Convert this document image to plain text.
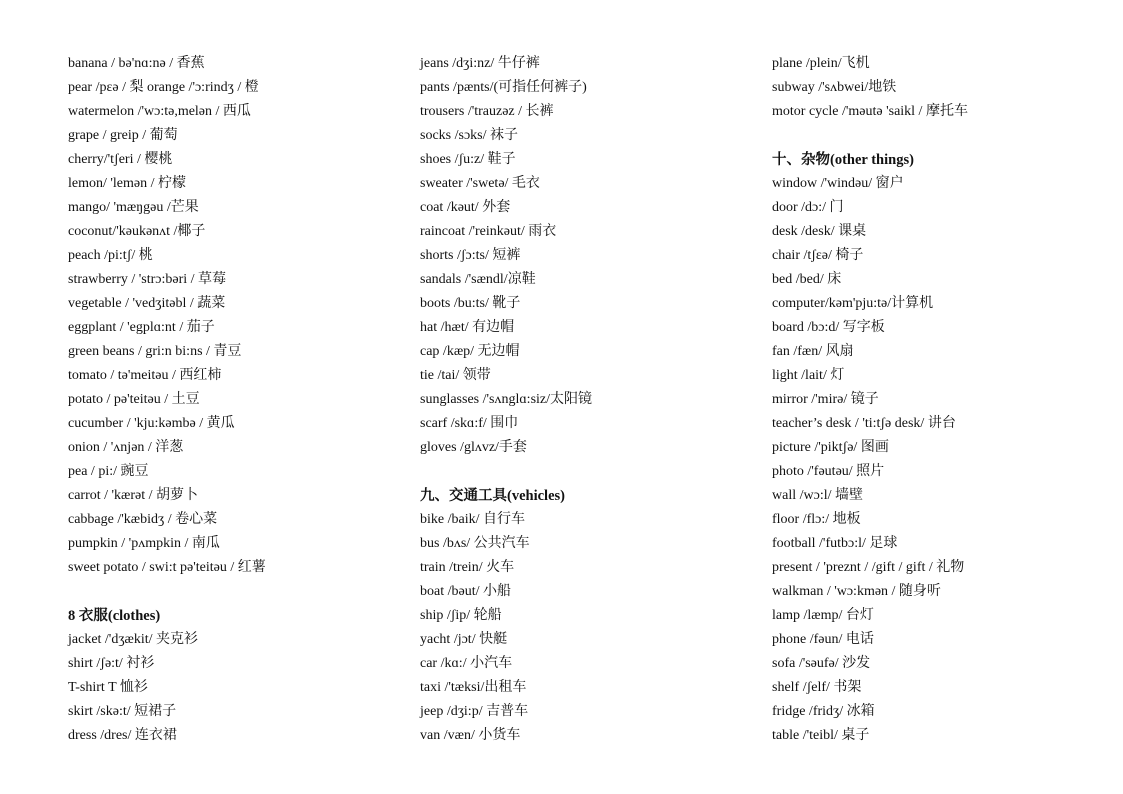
banana / bə'nɑ:nə / 香蕉
pear /pɛə / 梨 orange /'ɔ:rindʒ / 橙
watermelon /'wɔ:tə,melən / 西瓜
grape / greip / 葡萄
cherry/'tʃeri / 樱桃
lemon/ 'lemən / 柠檬
mango/ 'mæŋgəu /芒果
coconut/'kəukənʌt /椰子
peach /pi:tʃ/ 桃
strawberry / 'strɔ:bəri / 草莓
vegetable / 'vedʒitəbl / 蔬菜
eggplant / 'egplɑ:nt / 茄子
green beans / gri:n bi:ns / 青豆
tomato / tə'meitəu / 西红柿
potato / pə'teitəu / 土豆
cucumber / 'kju:kəmbə / 黄瓜
onion / 'ʌnjən / 洋葱
pea / pi:/ 豌豆
carrot / 'kærət / 胡萝卜
cabbage /'kæbidʒ / 卷心菜
pumpkin / 'pʌmpkin / 南瓜
sweet potato / swi:t pə'teitəu / 红薯
8 衣服(clothes)
jacket /'dʒækit/ 夹克衫
shirt /ʃə:t/ 衬衫
T-shirt T 恤衫
skirt /skə:t/ 短裙子
dress /dres/ 连衣裙
jeans /dʒi:nz/ 牛仔裤
pants /pænts/(可指任何裤子)
trousers /'trauzəz / 长裤
socks /sɔks/ 袜子
shoes /ʃu:z/ 鞋子
sweater /'swetə/ 毛衣
coat /kəut/ 外套
raincoat /'reinkəut/ 雨衣
shorts /ʃɔ:ts/ 短裤
sandals /'sændl/凉鞋
boots /bu:ts/ 靴子
hat /hæt/ 有边帽
cap /kæp/ 无边帽
tie /tai/ 领带
sunglasses /'sʌnglɑ:siz/太阳镜
scarf /skɑ:f/ 围巾
gloves /glʌvz/手套
九、交通工具(vehicles)
bike /baik/ 自行车
bus /bʌs/ 公共汽车
train /trein/ 火车
boat /bəut/ 小船
ship /ʃip/ 轮船
yacht /jɔt/ 快艇
car /kɑ:/ 小汽车
taxi /'tæksi/出租车
jeep /dʒi:p/ 吉普车
van /væn/ 小货车
plane /plein/飞机
subway /'sʌbwei/地铁
motor cycle /'məutə 'saikl / 摩托车
十、杂物(other things)
window /'windəu/ 窗户
door /dɔ:/ 门
desk /desk/ 课桌
chair /tʃɛə/ 椅子
bed /bed/ 床
computer/kəm'pju:tə/计算机
board /bɔ:d/ 写字板
fan /fæn/ 风扇
light /lait/ 灯
mirror /'mirə/ 镜子
teacher’s desk / 'ti:tʃə desk/ 讲台
picture /'piktʃə/ 图画
photo /'fəutəu/ 照片
wall /wɔ:l/ 墙壁
floor /flɔ:/ 地板
football /'futbɔ:l/ 足球
present / 'preznt / /gift / gift / 礼物
walkman / 'wɔ:kmən / 随身听
lamp /læmp/ 台灯
phone /fəun/ 电话
sofa /'səufə/ 沙发
shelf /ʃelf/ 书架
fridge /fridʒ/ 冰箱
table /'teibl/ 桌子
